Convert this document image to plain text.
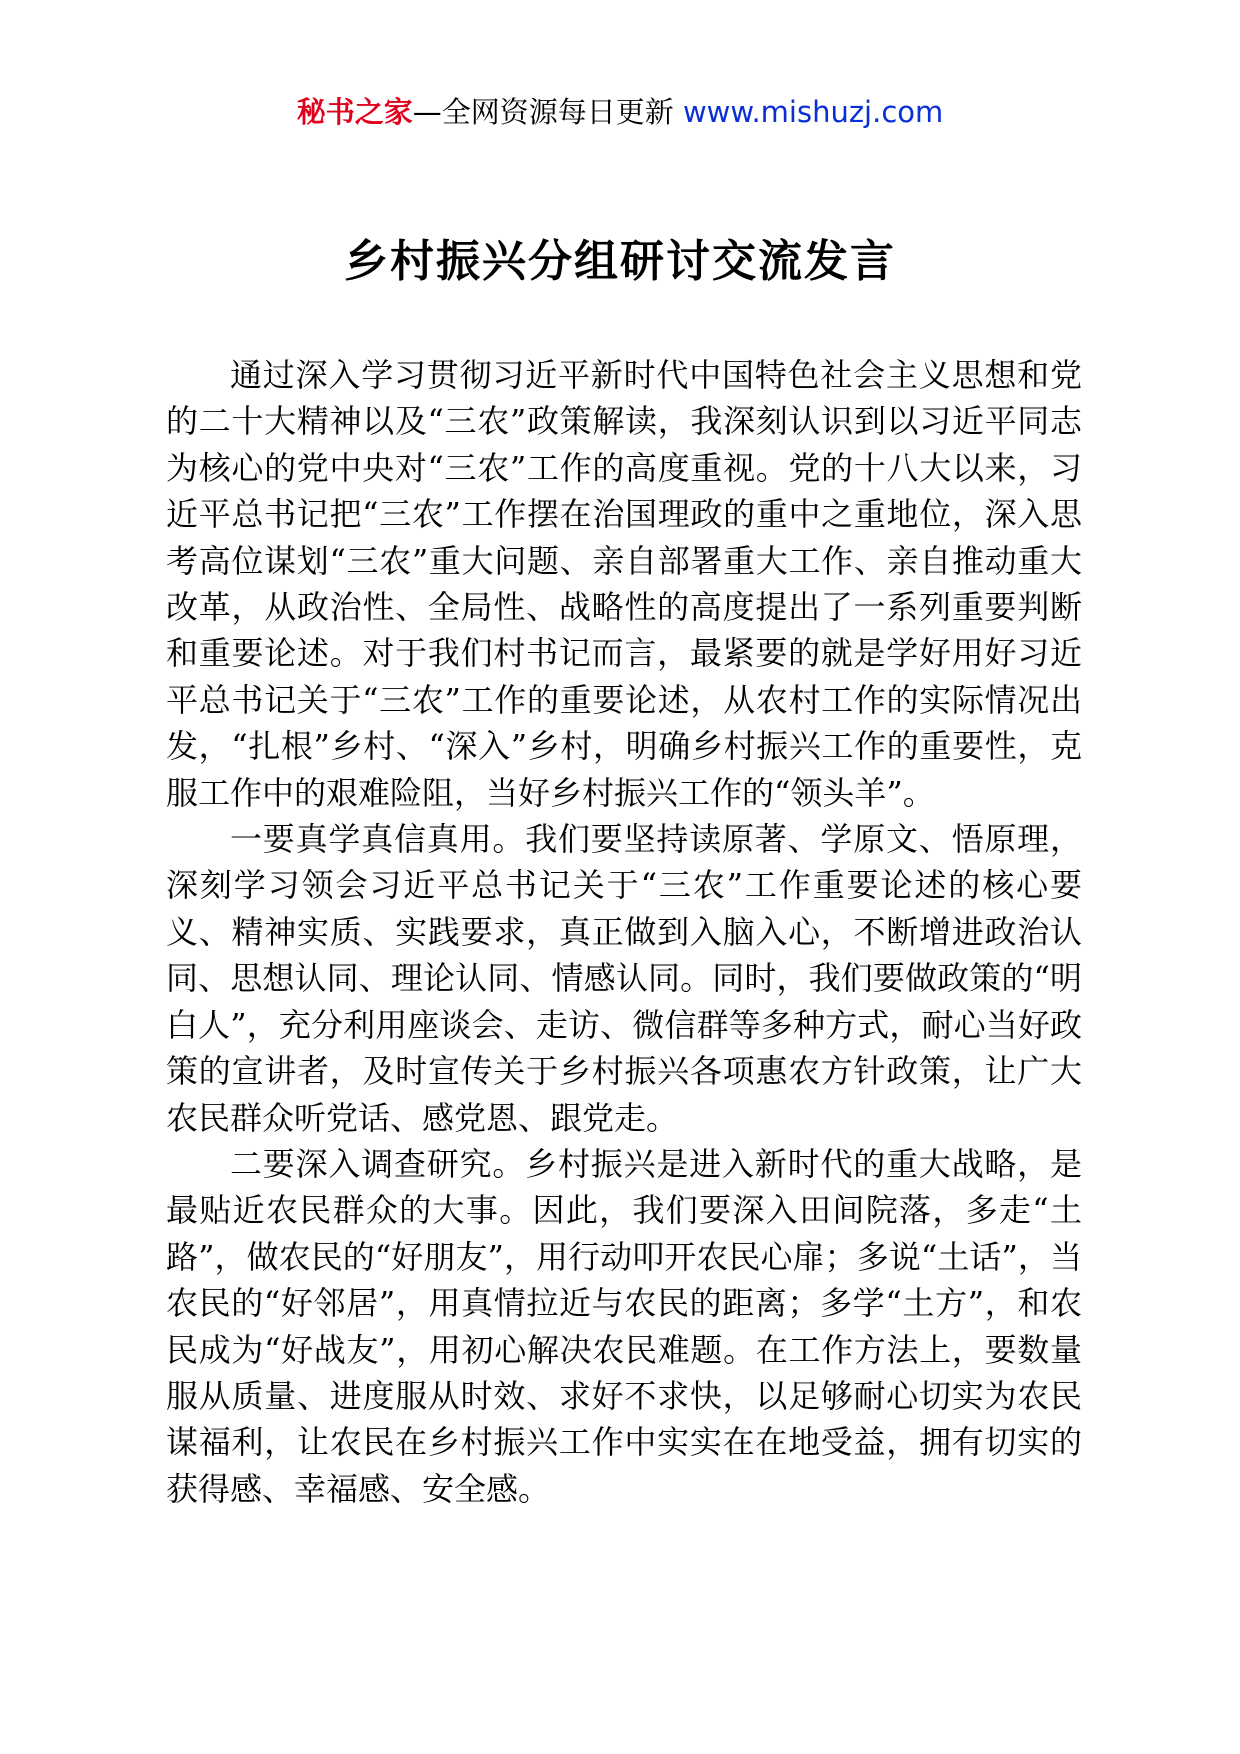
秘书之家—全网资源每日更新 www.mishuzj.com
乡村振兴分组研讨交流发言

通过深入学习贯彻习近平新时代中国特色社会主义思想和党的二十大精神以及“三农”政策解读，我深刻认识到以习近平同志为核心的党中央对“三农”工作的高度重视。党的十八大以来，习近平总书记把“三农”工作摆在治国理政的重中之重地位，深入思考高位谋划“三农”重大问题、亲自部署重大工作、亲自推动重大改革，从政治性、全局性、战略性的高度提出了一系列重要判断和重要论述。对于我们村书记而言，最紧要的就是学好用好习近平总书记关于“三农”工作的重要论述，从农村工作的实际情况出发，“扎根”乡村、“深入”乡村，明确乡村振兴工作的重要性，克服工作中的艰难险阻，当好乡村振兴工作的“领头羊”。

一要真学真信真用。我们要坚持读原著、学原文、悟原理，深刻学习领会习近平总书记关于“三农”工作重要论述的核心要义、精神实质、实践要求，真正做到入脑入心，不断增进政治认同、思想认同、理论认同、情感认同。同时，我们要做政策的“明白人”，充分利用座谈会、走访、微信群等多种方式，耐心当好政策的宣讲者，及时宣传关于乡村振兴各项惠农方针政策，让广大农民群众听党话、感党恩、跟党走。

二要深入调查研究。乡村振兴是进入新时代的重大战略，是最贴近农民群众的大事。因此，我们要深入田间院落，多走“土路”，做农民的“好朋友”，用行动叩开农民心扉；多说“土话”，当农民的“好邻居”，用真情拉近与农民的距离；多学“土方”，和农民成为“好战友”，用初心解决农民难题。在工作方法上，要数量服从质量、进度服从时效、求好不求快，以足够耐心切实为农民谋福利，让农民在乡村振兴工作中实实在在地受益，拥有切实的获得感、幸福感、安全感。
